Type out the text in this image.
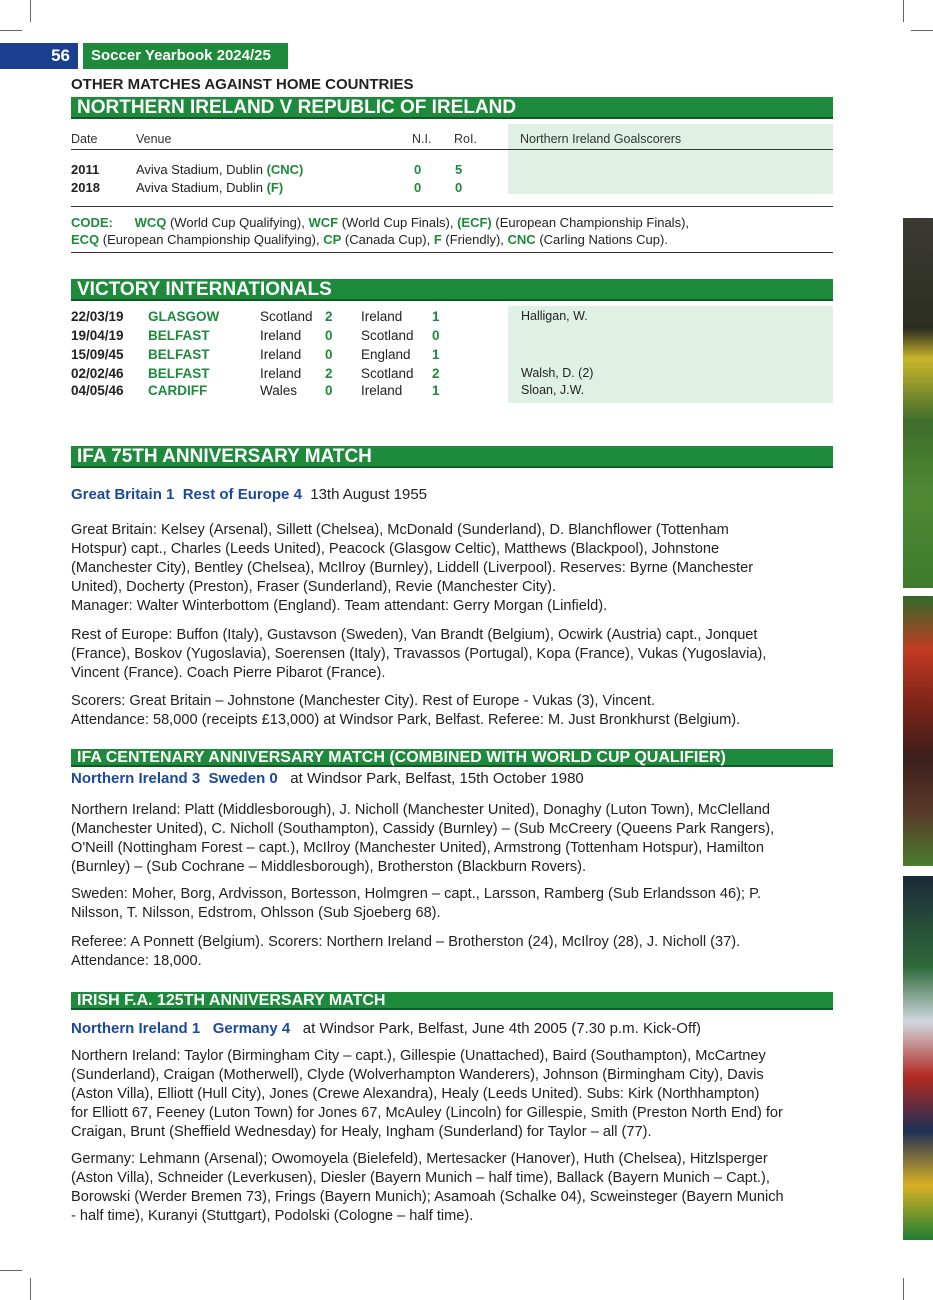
56	Soccer Yearbook 2024/25
OTHER MATCHES AGAINST HOME COUNTRIES
NORTHERN IRELAND V REPUBLIC OF IRELAND
Date	Venue	N.I. RoI.	Northern Ireland Goalscorers
2011	Aviva Stadium, Dublin (CNC)	0	5
2018	Aviva Stadium, Dublin (F)	0	0
CODE: WCQ (World Cup Qualifying), WCF (World Cup Finals), (ECF) (European Championship Finals),
ECQ (European Championship Qualifying), CP (Canada Cup), F (Friendly), CNC (Carling Nations Cup).
VICTORY INTERNATIONALS
22/03/19 GLASGOW	Scotland 2 Ireland 1	Halligan, W.
19/04/19 BELFAST	Ireland 0 Scotland 0
15/09/45 BELFAST	Ireland 0 England 1
02/02/46 BELFAST	Ireland 2 Scotland 2	Walsh, D. (2)
04/05/46 CARDIFF	Wales 0 Ireland 1	Sloan, J.W.
IFA 75TH ANNIVERSARY MATCH
Great Britain 1 Rest of Europe 4 13th August 1955
Great Britain: Kelsey (Arsenal), Sillett (Chelsea), McDonald (Sunderland), D. Blanchflower (Tottenham
Hotspur) capt., Charles (Leeds United), Peacock (Glasgow Celtic), Matthews (Blackpool), Johnstone
(Manchester City), Bentley (Chelsea), McIlroy (Burnley), Liddell (Liverpool). Reserves: Byrne (Manchester
United), Docherty (Preston), Fraser (Sunderland), Revie (Manchester City).
Manager: Walter Winterbottom (England). Team attendant: Gerry Morgan (Linfield).
Rest of Europe: Buffon (Italy), Gustavson (Sweden), Van Brandt (Belgium), Ocwirk (Austria) capt., Jonquet
(France), Boskov (Yugoslavia), Soerensen (Italy), Travassos (Portugal), Kopa (France), Vukas (Yugoslavia),
Vincent (France). Coach Pierre Pibarot (France).
Scorers: Great Britain – Johnstone (Manchester City). Rest of Europe - Vukas (3), Vincent.
Attendance: 58,000 (receipts £13,000) at Windsor Park, Belfast. Referee: M. Just Bronkhurst (Belgium).
IFA CENTENARY ANNIVERSARY MATCH (COMBINED WITH WORLD CUP QUALIFIER)
Northern Ireland 3 Sweden 0 at Windsor Park, Belfast, 15th October 1980
Northern Ireland: Platt (Middlesborough), J. Nicholl (Manchester United), Donaghy (Luton Town), McClelland
(Manchester United), C. Nicholl (Southampton), Cassidy (Burnley) – (Sub McCreery (Queens Park Rangers),
O'Neill (Nottingham Forest – capt.), McIlroy (Manchester United), Armstrong (Tottenham Hotspur), Hamilton
(Burnley) – (Sub Cochrane – Middlesborough), Brotherston (Blackburn Rovers).
Sweden: Moher, Borg, Ardvisson, Bortesson, Holmgren – capt., Larsson, Ramberg (Sub Erlandsson 46); P.
Nilsson, T. Nilsson, Edstrom, Ohlsson (Sub Sjoeberg 68).
Referee: A Ponnett (Belgium). Scorers: Northern Ireland – Brotherston (24), McIlroy (28), J. Nicholl (37).
Attendance: 18,000.
IRISH F.A. 125TH ANNIVERSARY MATCH
Northern Ireland 1 Germany 4 at Windsor Park, Belfast, June 4th 2005 (7.30 p.m. Kick-Off)
Northern Ireland: Taylor (Birmingham City – capt.), Gillespie (Unattached), Baird (Southampton), McCartney
(Sunderland), Craigan (Motherwell), Clyde (Wolverhampton Wanderers), Johnson (Birmingham City), Davis
(Aston Villa), Elliott (Hull City), Jones (Crewe Alexandra), Healy (Leeds United). Subs: Kirk (Northhampton)
for Elliott 67, Feeney (Luton Town) for Jones 67, McAuley (Lincoln) for Gillespie, Smith (Preston North End) for
Craigan, Brunt (Sheffield Wednesday) for Healy, Ingham (Sunderland) for Taylor – all (77).
Germany: Lehmann (Arsenal); Owomoyela (Bielefeld), Mertesacker (Hanover), Huth (Chelsea), Hitzlsperger
(Aston Villa), Schneider (Leverkusen), Diesler (Bayern Munich – half time), Ballack (Bayern Munich – Capt.),
Borowski (Werder Bremen 73), Frings (Bayern Munich); Asamoah (Schalke 04), Scweinsteger (Bayern Munich
- half time), Kuranyi (Stuttgart), Podolski (Cologne – half time).
